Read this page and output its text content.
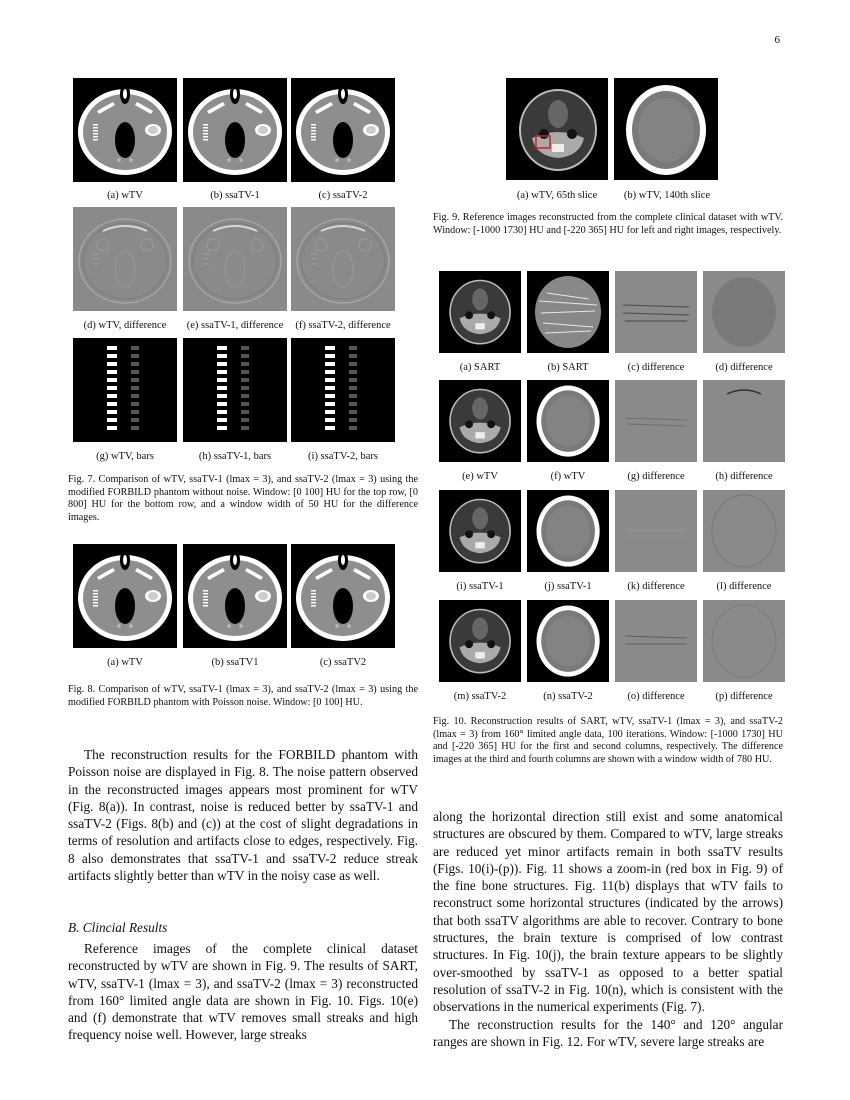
6
(a) wTV	(b) ssaTV-1	(c) ssaTV-2
(d) wTV, difference	(e) ssaTV-1, difference	(f) ssaTV-2, difference
(g) wTV, bars	(h) ssaTV-1, bars	(i) ssaTV-2, bars
Fig. 7. Comparison of wTV, ssaTV-1 (lmax = 3), and ssaTV-2 (lmax = 3) using the modified FORBILD phantom without noise. Window: [0 100] HU for the top row, [0 800] HU for the bottom row, and a window width of 50 HU for the difference images.
(a) wTV	(b) ssaTV1	(c) ssaTV2
Fig. 8. Comparison of wTV, ssaTV-1 (lmax = 3), and ssaTV-2 (lmax = 3) using the modified FORBILD phantom with Poisson noise. Window: [0 100] HU.

The reconstruction results for the FORBILD phantom with Poisson noise are displayed in Fig. 8. The noise pattern observed in the reconstructed images appears most prominent for wTV (Fig. 8(a)). In contrast, noise is reduced better by ssaTV-1 and ssaTV-2 (Figs. 8(b) and (c)) at the cost of slight degradations in terms of resolution and artifacts close to edges, respectively. Fig. 8 also demonstrates that ssaTV-1 and ssaTV-2 reduce streak artifacts slightly better than wTV in the noisy case as well.

B. Clincial Results

Reference images of the complete clinical dataset reconstructed by wTV are shown in Fig. 9. The results of SART, wTV, ssaTV-1 (lmax = 3), and ssaTV-2 (lmax = 3) reconstructed from 160° limited angle data are shown in Fig. 10. Figs. 10(e) and (f) demonstrate that wTV removes small streaks and high frequency noise well. However, large streaks

(a) wTV, 65th slice	(b) wTV, 140th slice
Fig. 9. Reference images reconstructed from the complete clinical dataset with wTV. Window: [-1000 1730] HU and [-220 365] HU for left and right images, respectively.
(a) SART	(b) SART	(c) difference	(d) difference
(e) wTV	(f) wTV	(g) difference	(h) difference
(i) ssaTV-1	(j) ssaTV-1	(k) difference	(l) difference
(m) ssaTV-2	(n) ssaTV-2	(o) difference	(p) difference
Fig. 10. Reconstruction results of SART, wTV, ssaTV-1 (lmax = 3), and ssaTV-2 (lmax = 3) from 160° limited angle data, 100 iterations. Window: [-1000 1730] HU and [-220 365] HU for the first and second columns, respectively. The difference images at the third and fourth columns are shown with a window width of 780 HU.

along the horizontal direction still exist and some anatomical structures are obscured by them. Compared to wTV, large streaks are reduced yet minor artifacts remain in both ssaTV results (Figs. 10(i)-(p)). Fig. 11 shows a zoom-in (red box in Fig. 9) of the fine bone structures. Fig. 11(b) displays that wTV fails to reconstruct some horizontal structures (indicated by the arrows) that both ssaTV algorithms are able to recover. Contrary to bone structures, the brain texture is comprised of low contrast structures. In Fig. 10(j), the brain texture appears to be slightly over-smoothed by ssaTV-1 as opposed to a better spatial resolution of ssaTV-2 in Fig. 10(n), which is consistent with the observations in the numerical experiments (Fig. 7).

The reconstruction results for the 140° and 120° angular ranges are shown in Fig. 12. For wTV, severe large streaks are
